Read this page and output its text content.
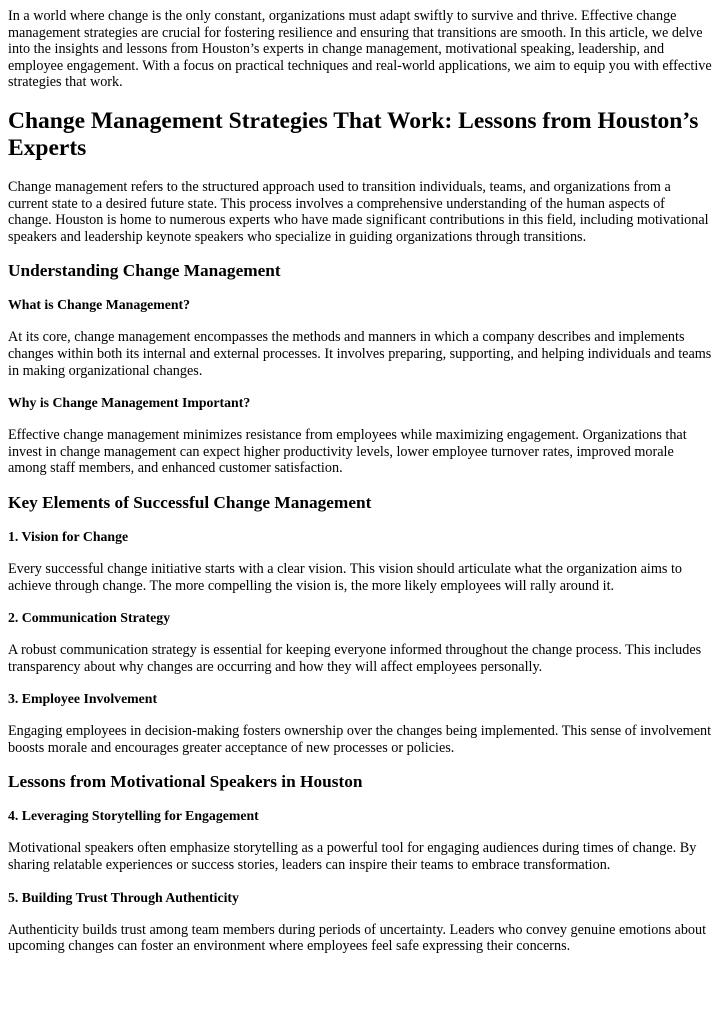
In a world where change is the only constant, organizations must adapt swiftly to survive and thrive. Effective change management strategies are crucial for fostering resilience and ensuring that transitions are smooth. In this article, we delve into the insights and lessons from Houston’s experts in change management, motivational speaking, leadership, and employee engagement. With a focus on practical techniques and real-world applications, we aim to equip you with effective strategies that work.

Change Management Strategies That Work: Lessons from Houston’s Experts

Change management refers to the structured approach used to transition individuals, teams, and organizations from a current state to a desired future state. This process involves a comprehensive understanding of the human aspects of change. Houston is home to numerous experts who have made significant contributions in this field, including motivational speakers and leadership keynote speakers who specialize in guiding organizations through transitions.

Understanding Change Management
What is Change Management?

At its core, change management encompasses the methods and manners in which a company describes and implements changes within both its internal and external processes. It involves preparing, supporting, and helping individuals and teams in making organizational changes.

Why is Change Management Important?

Effective change management minimizes resistance from employees while maximizing engagement. Organizations that invest in change management can expect higher productivity levels, lower employee turnover rates, improved morale among staff members, and enhanced customer satisfaction.

Key Elements of Successful Change Management
1. Vision for Change

Every successful change initiative starts with a clear vision. This vision should articulate what the organization aims to achieve through change. The more compelling the vision is, the more likely employees will rally around it.

2. Communication Strategy

A robust communication strategy is essential for keeping everyone informed throughout the change process. This includes transparency about why changes are occurring and how they will affect employees personally.

3. Employee Involvement

Engaging employees in decision-making fosters ownership over the changes being implemented. This sense of involvement boosts morale and encourages greater acceptance of new processes or policies.

Lessons from Motivational Speakers in Houston
4. Leveraging Storytelling for Engagement

Motivational speakers often emphasize storytelling as a powerful tool for engaging audiences during times of change. By sharing relatable experiences or success stories, leaders can inspire their teams to embrace transformation.

5. Building Trust Through Authenticity

Authenticity builds trust among team members during periods of uncertainty. Leaders who convey genuine emotions about upcoming changes can foster an environment where employees feel safe expressing their concerns.
